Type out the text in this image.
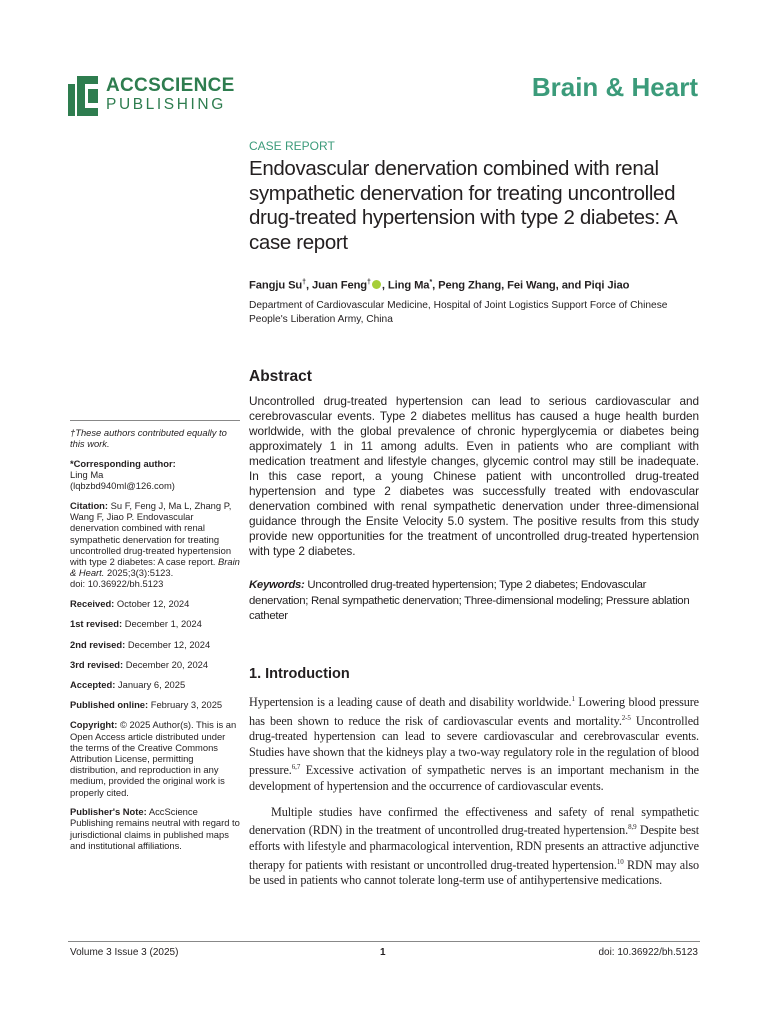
ACCSCIENCE
PUBLISHING
Brain & Heart

†These authors contributed equally to this work.

*Corresponding author:
Ling Ma
(lqbzbd940ml@126.com)

Citation: Su F, Feng J, Ma L, Zhang P, Wang F, Jiao P. Endovascular denervation combined with renal sympathetic denervation for treating uncontrolled drug-treated hypertension with type 2 diabetes: A case report. Brain & Heart. 2025;3(3):5123.
doi: 10.36922/bh.5123

Received: October 12, 2024

1st revised: December 1, 2024

2nd revised: December 12, 2024

3rd revised: December 20, 2024

Accepted: January 6, 2025

Published online: February 3, 2025

Copyright: © 2025 Author(s). This is an Open Access article distributed under the terms of the Creative Commons Attribution License, permitting distribution, and reproduction in any medium, provided the original work is properly cited.

Publisher's Note: AccScience Publishing remains neutral with regard to jurisdictional claims in published maps and institutional affiliations.

CASE REPORT
Endovascular denervation combined with renal sympathetic denervation for treating uncontrolled drug-treated hypertension with type 2 diabetes: A case report
Fangju Su†, Juan Feng† , Ling Ma*, Peng Zhang, Fei Wang, and Piqi Jiao
Department of Cardiovascular Medicine, Hospital of Joint Logistics Support Force of Chinese People's Liberation Army, China
Abstract
Uncontrolled drug-treated hypertension can lead to serious cardiovascular and cerebrovascular events. Type 2 diabetes mellitus has caused a huge health burden worldwide, with the global prevalence of chronic hyperglycemia or diabetes being approximately 1 in 11 among adults. Even in patients who are compliant with medication treatment and lifestyle changes, glycemic control may still be inadequate. In this case report, a young Chinese patient with uncontrolled drug-treated hypertension and type 2 diabetes was successfully treated with endovascular denervation combined with renal sympathetic denervation under three-dimensional guidance through the Ensite Velocity 5.0 system. The positive results from this study provide new opportunities for the treatment of uncontrolled drug-treated hypertension with type 2 diabetes.
Keywords: Uncontrolled drug-treated hypertension; Type 2 diabetes; Endovascular denervation; Renal sympathetic denervation; Three-dimensional modeling; Pressure ablation catheter
1. Introduction

Hypertension is a leading cause of death and disability worldwide.$^1$ Lowering blood pressure has been shown to reduce the risk of cardiovascular events and mortality.$^{2-5}$ Uncontrolled drug-treated hypertension can lead to severe cardiovascular and cerebrovascular events. Studies have shown that the kidneys play a two-way regulatory role in the regulation of blood pressure.$^{6,7}$ Excessive activation of sympathetic nerves is an important mechanism in the development of hypertension and the occurrence of cardiovascular events.

Multiple studies have confirmed the effectiveness and safety of renal sympathetic denervation (RDN) in the treatment of uncontrolled drug-treated hypertension.$^{8,9}$ Despite best efforts with lifestyle and pharmacological intervention, RDN presents an attractive adjunctive therapy for patients with resistant or uncontrolled drug-treated hypertension.$^{10}$ RDN may also be used in patients who cannot tolerate long-term use of antihypertensive medications.

Volume 3 Issue 3 (2025)	1	doi: 10.36922/bh.5123
